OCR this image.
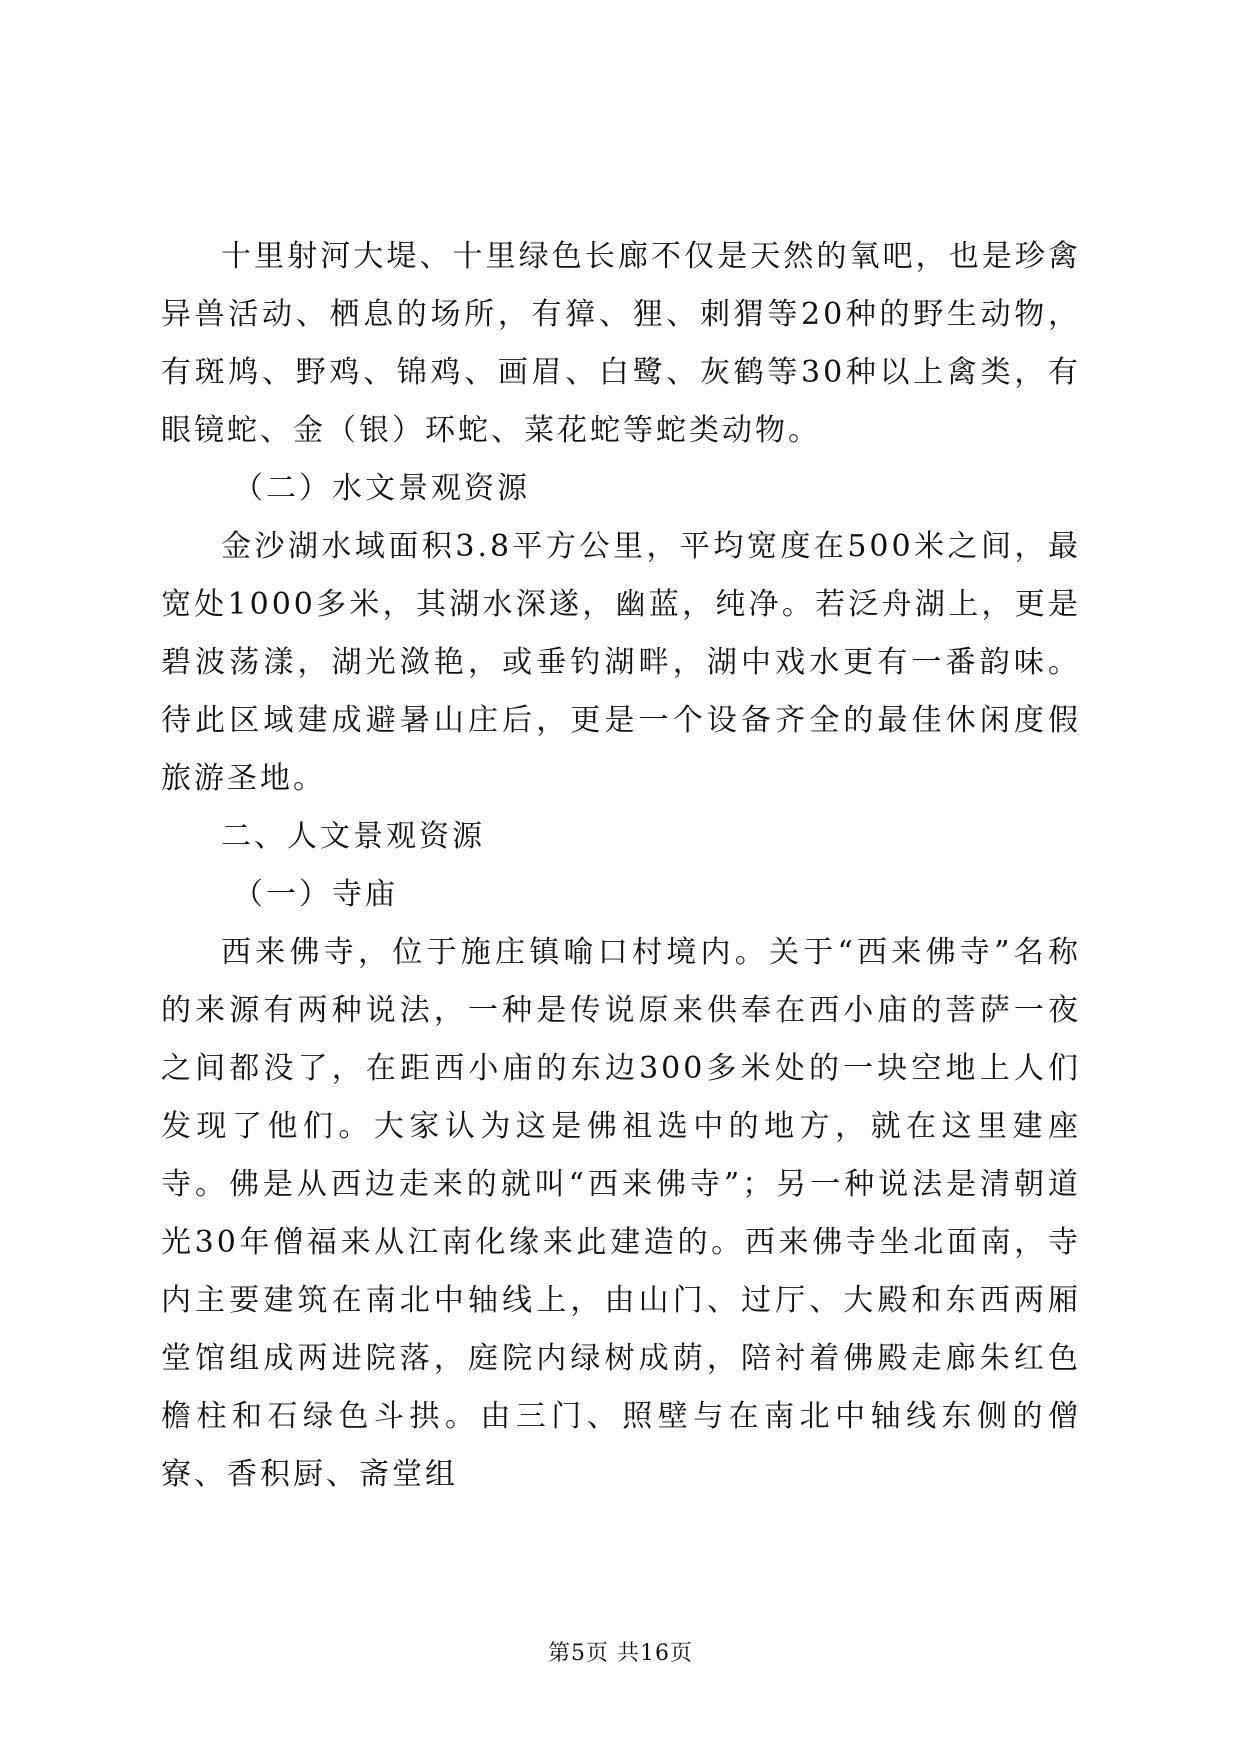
十里射河大堤、十里绿色长廊不仅是天然的氧吧，也是珍禽异兽活动、栖息的场所，有獐、狸、刺猬等20种的野生动物，有斑鸠、野鸡、锦鸡、画眉、白鹭、灰鹤等30种以上禽类，有眼镜蛇、金（银）环蛇、菜花蛇等蛇类动物。

（二）水文景观资源

金沙湖水域面积3.8平方公里，平均宽度在500米之间，最宽处1000多米，其湖水深遂，幽蓝，纯净。若泛舟湖上，更是碧波荡漾，湖光潋艳，或垂钓湖畔，湖中戏水更有一番韵味。待此区域建成避暑山庄后，更是一个设备齐全的最佳休闲度假旅游圣地。

二、人文景观资源

（一）寺庙

西来佛寺，位于施庄镇喻口村境内。关于“西来佛寺”名称的来源有两种说法，一种是传说原来供奉在西小庙的菩萨一夜之间都没了，在距西小庙的东边300多米处的一块空地上人们发现了他们。大家认为这是佛祖选中的地方，就在这里建座寺。佛是从西边走来的就叫“西来佛寺”；另一种说法是清朝道光30年僧福来从江南化缘来此建造的。西来佛寺坐北面南，寺内主要建筑在南北中轴线上，由山门、过厅、大殿和东西两厢堂馆组成两进院落，庭院内绿树成荫，陪衬着佛殿走廊朱红色檐柱和石绿色斗拱。由三门、照壁与在南北中轴线东侧的僧寮、香积厨、斋堂组

第5页 共16页
